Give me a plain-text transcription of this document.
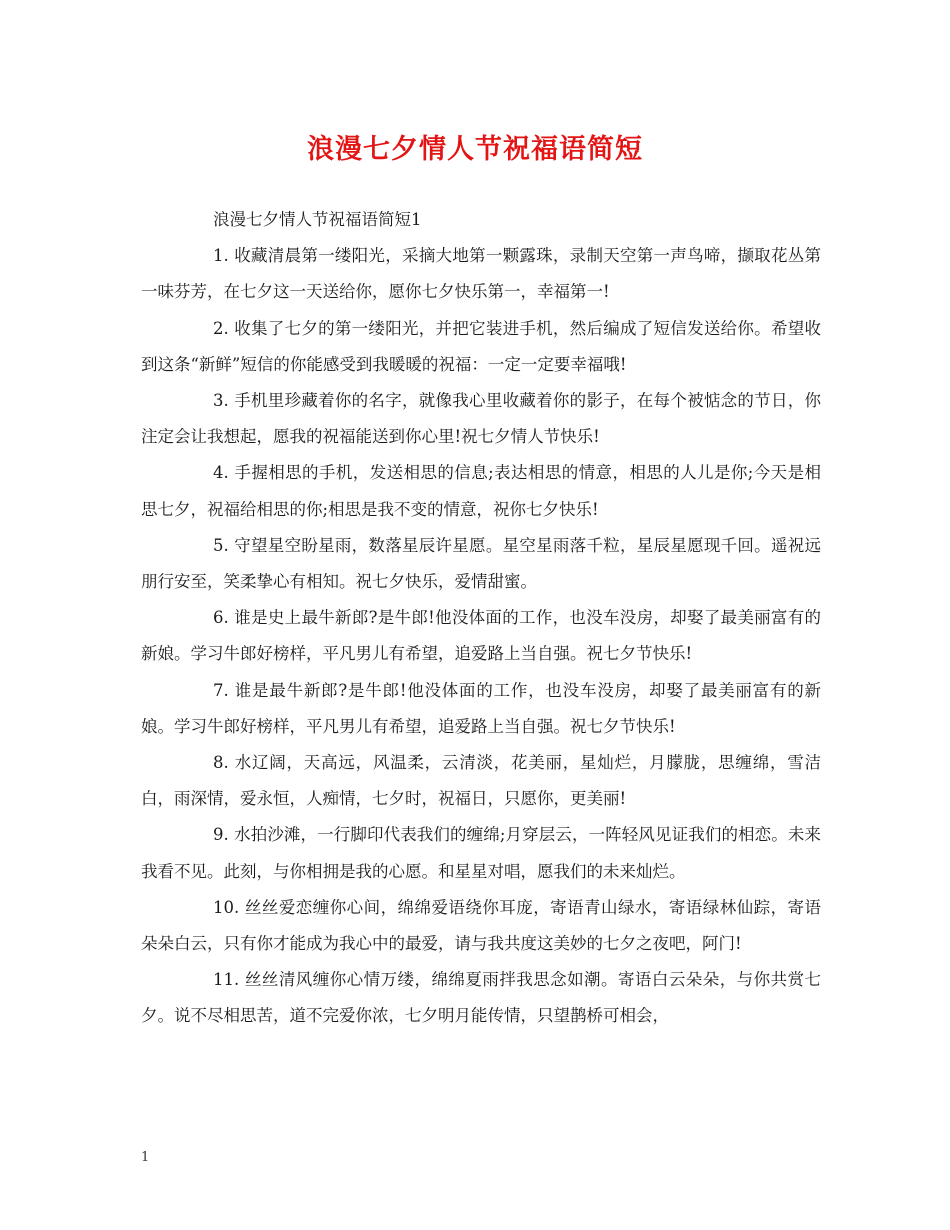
浪漫七夕情人节祝福语简短

浪漫七夕情人节祝福语简短1

1. 收藏清晨第一缕阳光，采摘大地第一颗露珠，录制天空第一声鸟啼，撷取花丛第一味芬芳，在七夕这一天送给你，愿你七夕快乐第一，幸福第一!

2. 收集了七夕的第一缕阳光，并把它装进手机，然后编成了短信发送给你。希望收到这条“新鲜”短信的你能感受到我暖暖的祝福：一定一定要幸福哦!

3. 手机里珍藏着你的名字，就像我心里收藏着你的影子，在每个被惦念的节日，你注定会让我想起，愿我的祝福能送到你心里!祝七夕情人节快乐!

4. 手握相思的手机，发送相思的信息;表达相思的情意，相思的人儿是你;今天是相思七夕，祝福给相思的你;相思是我不变的情意，祝你七夕快乐!

5. 守望星空盼星雨，数落星辰许星愿。星空星雨落千粒，星辰星愿现千回。遥祝远朋行安至，笑柔挚心有相知。祝七夕快乐，爱情甜蜜。

6. 谁是史上最牛新郎?是牛郎!他没体面的工作，也没车没房，却娶了最美丽富有的新娘。学习牛郎好榜样，平凡男儿有希望，追爱路上当自强。祝七夕节快乐!

7. 谁是最牛新郎?是牛郎!他没体面的工作，也没车没房，却娶了最美丽富有的新娘。学习牛郎好榜样，平凡男儿有希望，追爱路上当自强。祝七夕节快乐!

8. 水辽阔，天高远，风温柔，云清淡，花美丽，星灿烂，月朦胧，思缠绵，雪洁白，雨深情，爱永恒，人痴情，七夕时，祝福日，只愿你，更美丽!

9. 水拍沙滩，一行脚印代表我们的缠绵;月穿层云，一阵轻风见证我们的相恋。未来我看不见。此刻，与你相拥是我的心愿。和星星对唱，愿我们的未来灿烂。

10. 丝丝爱恋缠你心间，绵绵爱语绕你耳庞，寄语青山绿水，寄语绿林仙踪，寄语朵朵白云，只有你才能成为我心中的最爱，请与我共度这美妙的七夕之夜吧，阿门!

11. 丝丝清风缠你心情万缕，绵绵夏雨拌我思念如潮。寄语白云朵朵，与你共赏七夕。说不尽相思苦，道不完爱你浓，七夕明月能传情，只望鹊桥可相会，

1
